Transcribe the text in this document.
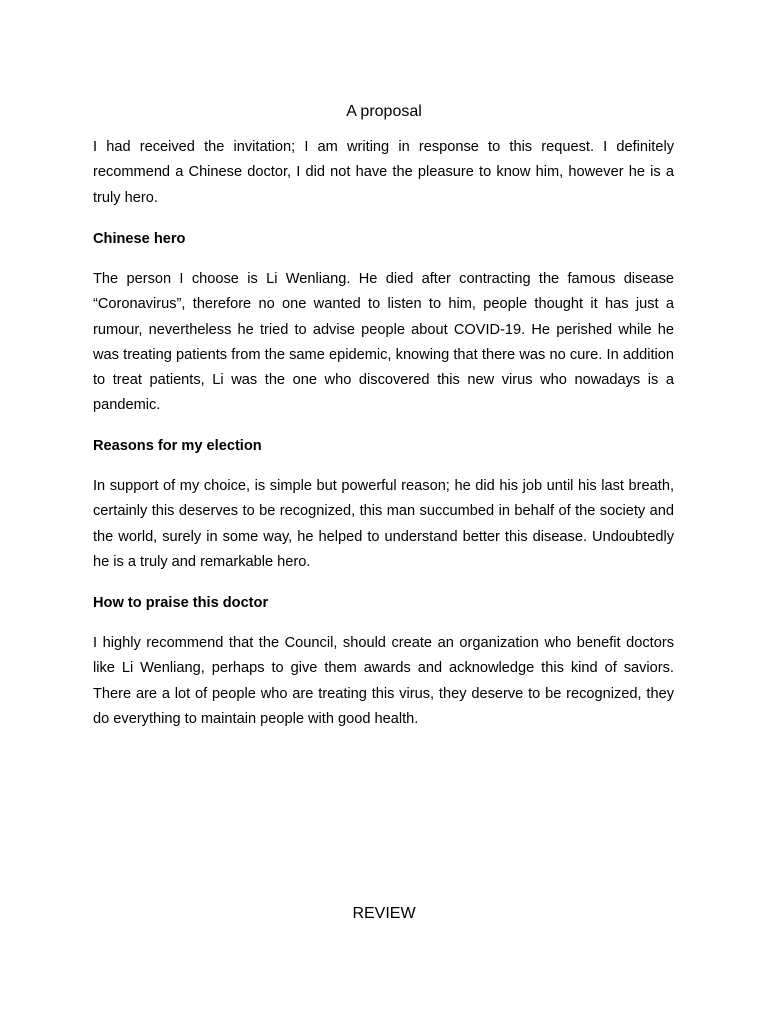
A proposal

I had received the invitation; I am writing in response to this request. I definitely recommend a Chinese doctor, I did not have the pleasure to know him, however he is a truly hero.

Chinese hero

The person I choose is Li Wenliang. He died after contracting the famous disease “Coronavirus”, therefore no one wanted to listen to him, people thought it has just a rumour, nevertheless he tried to advise people about COVID-19. He perished while he was treating patients from the same epidemic, knowing that there was no cure. In addition to treat patients, Li was the one who discovered this new virus who nowadays is a pandemic.

Reasons for my election

In support of my choice, is simple but powerful reason; he did his job until his last breath, certainly this deserves to be recognized, this man succumbed in behalf of the society and the world, surely in some way, he helped to understand better this disease. Undoubtedly he is a truly and remarkable hero.

How to praise this doctor

I highly recommend that the Council, should create an organization who benefit doctors like Li Wenliang, perhaps to give them awards and acknowledge this kind of saviors. There are a lot of people who are treating this virus, they deserve to be recognized, they do everything to maintain people with good health.

REVIEW
